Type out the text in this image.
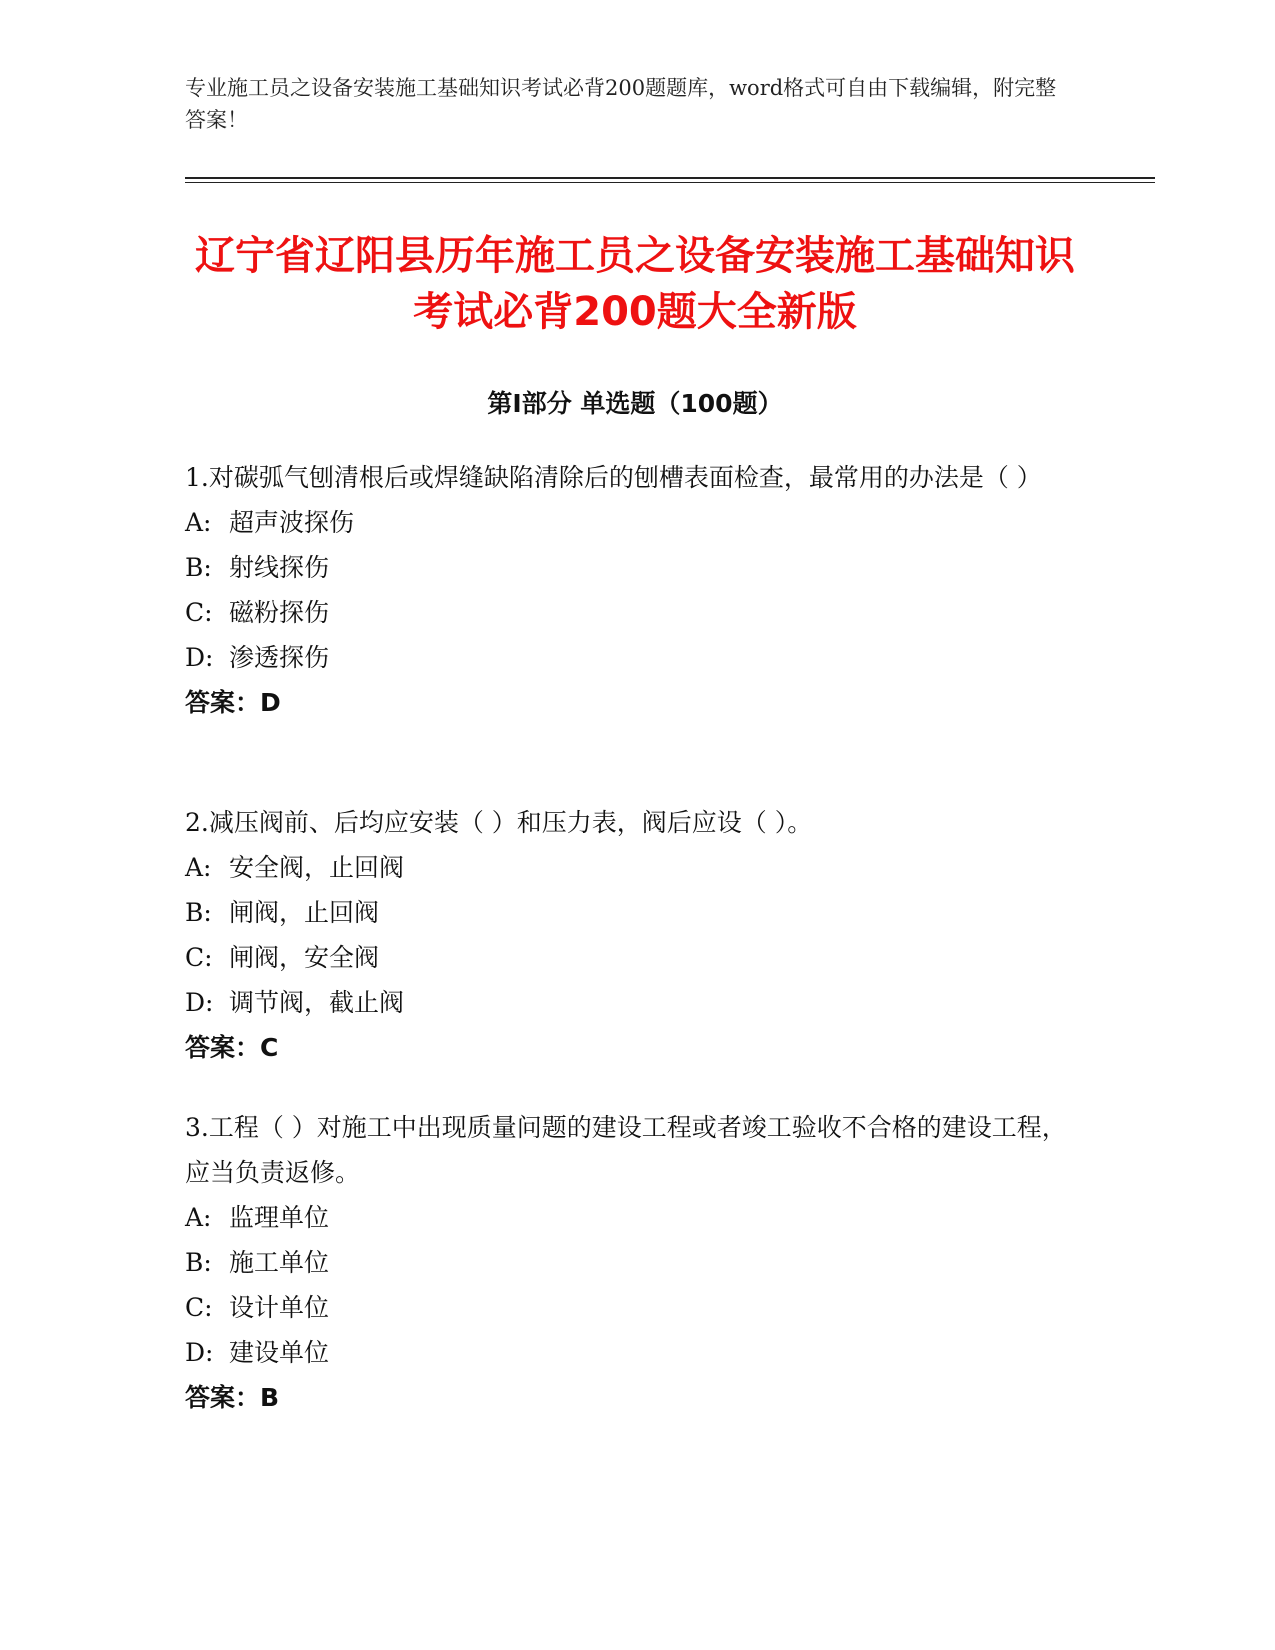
专业施工员之设备安装施工基础知识考试必背200题题库，word格式可自由下载编辑，附完整答案！
辽宁省辽阳县历年施工员之设备安装施工基础知识考试必背200题大全新版
第Ⅰ部分 单选题（100题）

1.对碳弧气刨清根后或焊缝缺陷清除后的刨槽表面检查，最常用的办法是（ ）

A: 超声波探伤

B: 射线探伤

C: 磁粉探伤

D: 渗透探伤

答案：D

2.减压阀前、后均应安装（ ）和压力表，阀后应设（ ）。

A: 安全阀，止回阀

B: 闸阀，止回阀

C: 闸阀，安全阀

D: 调节阀，截止阀

答案：C

3.工程（ ）对施工中出现质量问题的建设工程或者竣工验收不合格的建设工程，应当负责返修。

A: 监理单位

B: 施工单位

C: 设计单位

D: 建设单位

答案：B
